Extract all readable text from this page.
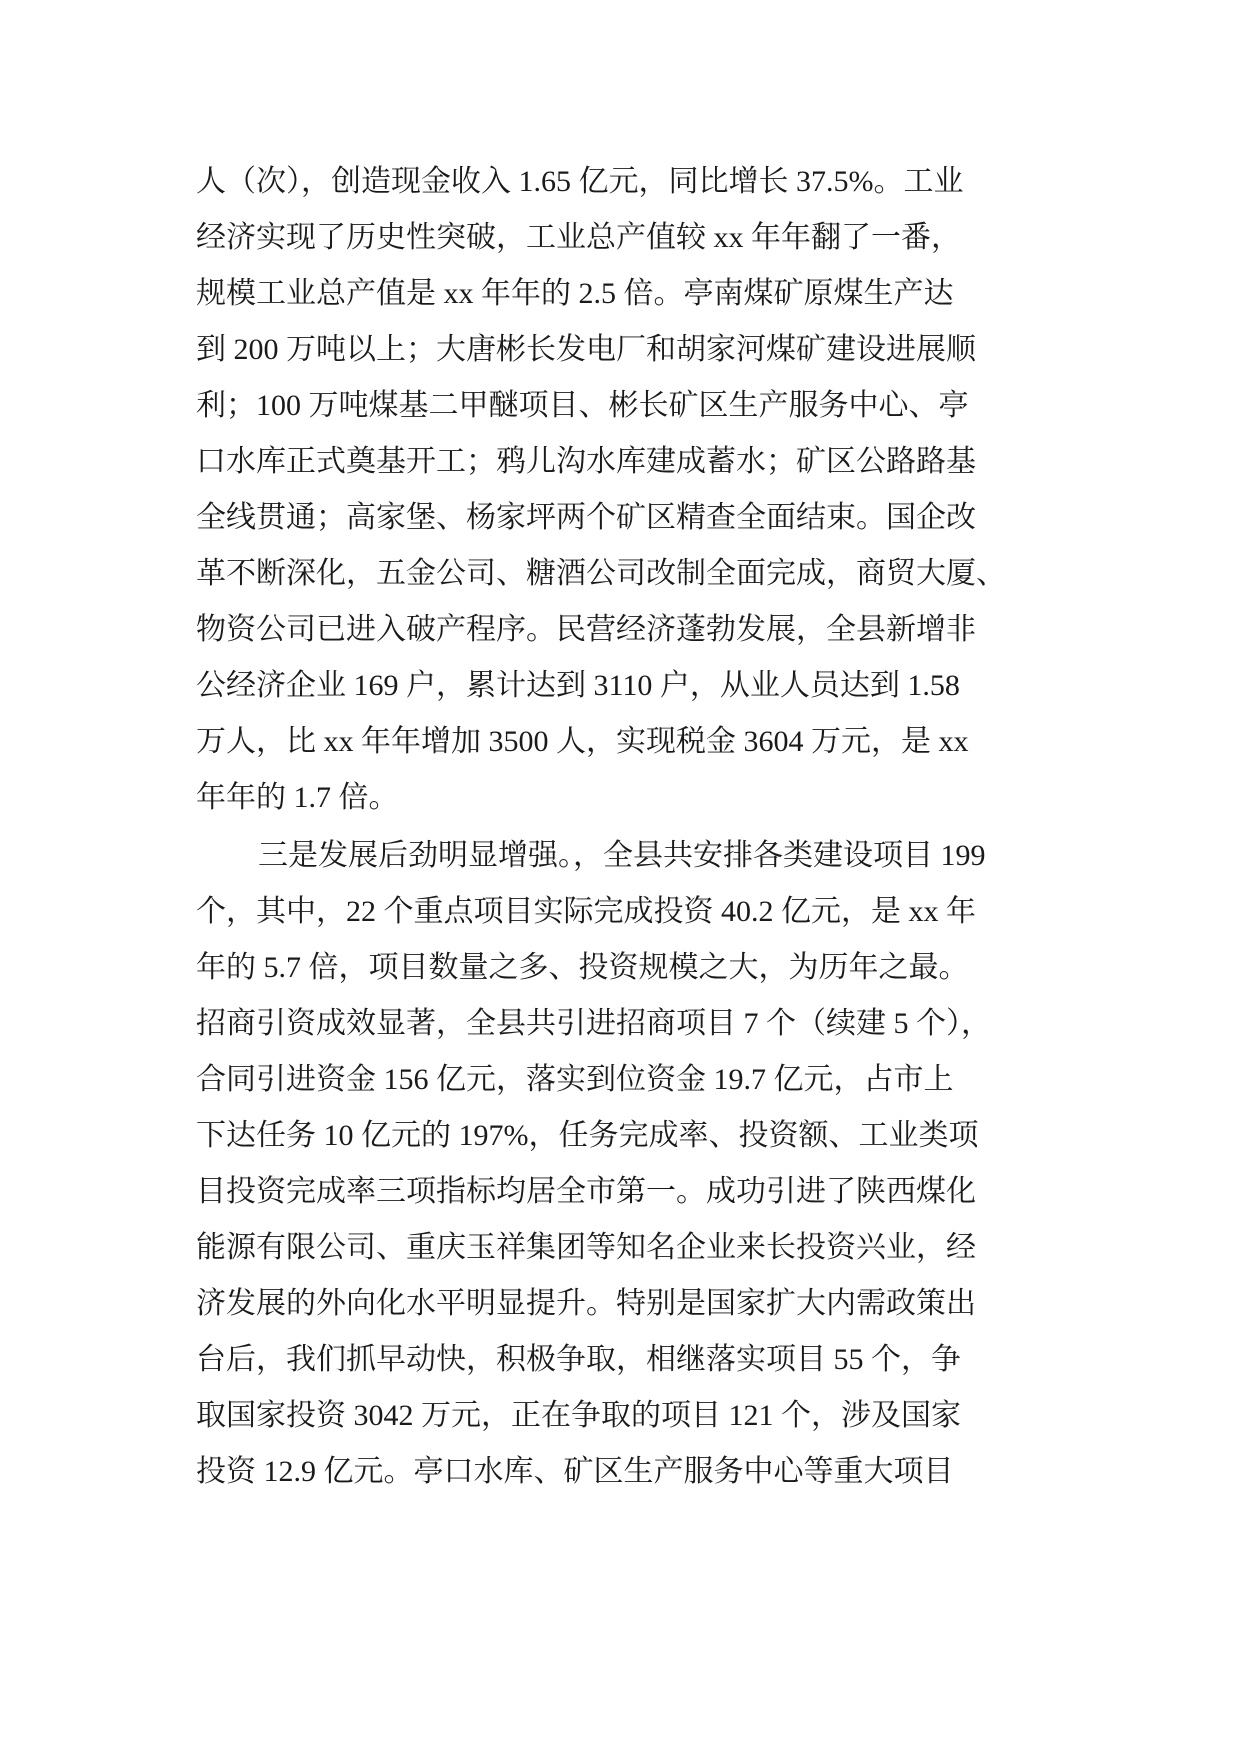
人（次），创造现金收入 1.65 亿元，同比增长 37.5%。工业
经济实现了历史性突破，工业总产值较 xx 年年翻了一番，
规模工业总产值是 xx 年年的 2.5 倍。亭南煤矿原煤生产达
到 200 万吨以上；大唐彬长发电厂和胡家河煤矿建设进展顺
利；100 万吨煤基二甲醚项目、彬长矿区生产服务中心、亭
口水库正式奠基开工；鸦儿沟水库建成蓄水；矿区公路路基
全线贯通；高家堡、杨家坪两个矿区精查全面结束。国企改
革不断深化，五金公司、糖酒公司改制全面完成，商贸大厦、
物资公司已进入破产程序。民营经济蓬勃发展，全县新增非
公经济企业 169 户，累计达到 3110 户，从业人员达到 1.58
万人，比 xx 年年增加 3500 人，实现税金 3604 万元，是 xx
年年的 1.7 倍。
三是发展后劲明显增强。，全县共安排各类建设项目 199
个，其中，22 个重点项目实际完成投资 40.2 亿元，是 xx 年
年的 5.7 倍，项目数量之多、投资规模之大，为历年之最。
招商引资成效显著，全县共引进招商项目 7 个（续建 5 个），
合同引进资金 156 亿元，落实到位资金 19.7 亿元，占市上
下达任务 10 亿元的 197%，任务完成率、投资额、工业类项
目投资完成率三项指标均居全市第一。成功引进了陕西煤化
能源有限公司、重庆玉祥集团等知名企业来长投资兴业，经
济发展的外向化水平明显提升。特别是国家扩大内需政策出
台后，我们抓早动快，积极争取，相继落实项目 55 个，争
取国家投资 3042 万元，正在争取的项目 121 个，涉及国家
投资 12.9 亿元。亭口水库、矿区生产服务中心等重大项目
